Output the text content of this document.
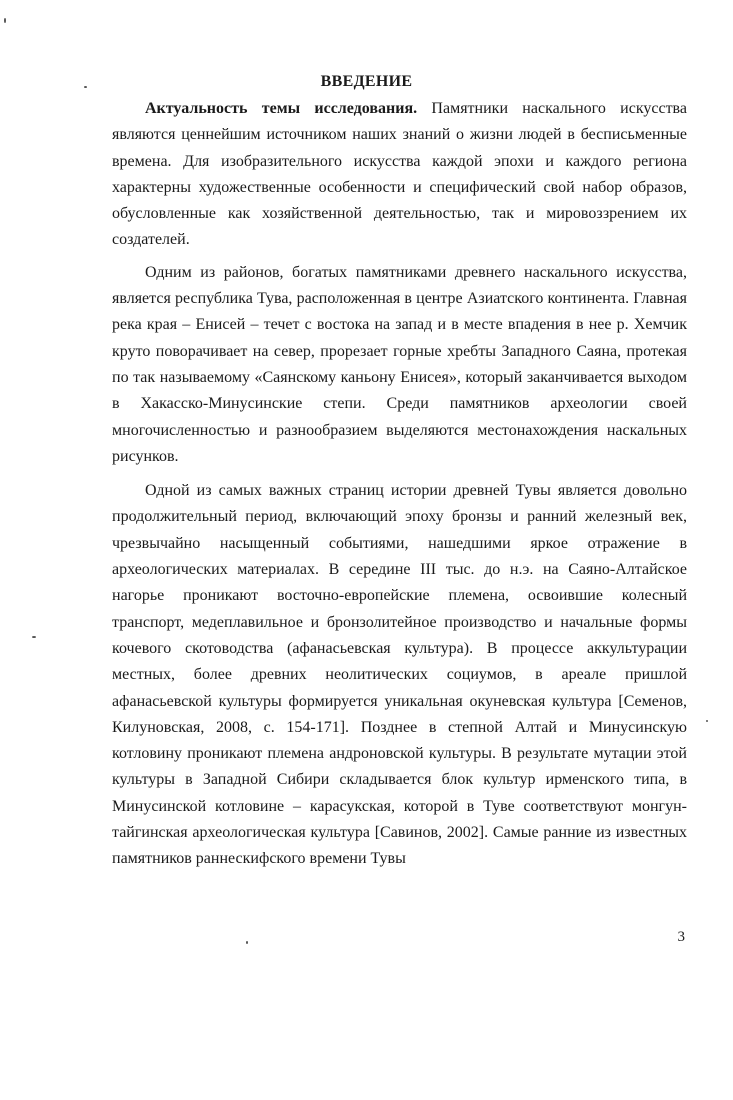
ВВЕДЕНИЕ

Актуальность темы исследования. Памятники наскального искусства являются ценнейшим источником наших знаний о жизни людей в бесписьменные времена. Для изобразительного искусства каждой эпохи и каждого региона характерны художественные особенности и специфический свой набор образов, обусловленные как хозяйственной деятельностью, так и мировоззрением их создателей.

Одним из районов, богатых памятниками древнего наскального искусства, является республика Тува, расположенная в центре Азиатского континента. Главная река края – Енисей – течет с востока на запад и в месте впадения в нее р. Хемчик круто поворачивает на север, прорезает горные хребты Западного Саяна, протекая по так называемому «Саянскому каньону Енисея», который заканчивается выходом в Хакасско-Минусинские степи. Среди памятников археологии своей многочисленностью и разнообразием выделяются местонахождения наскальных рисунков.

Одной из самых важных страниц истории древней Тувы является довольно продолжительный период, включающий эпоху бронзы и ранний железный век, чрезвычайно насыщенный событиями, нашедшими яркое отражение в археологических материалах. В середине III тыс. до н.э. на Саяно-Алтайское нагорье проникают восточно-европейские племена, освоившие колесный транспорт, медеплавильное и бронзолитейное производство и начальные формы кочевого скотоводства (афанасьевская культура). В процессе аккультурации местных, более древних неолитических социумов, в ареале пришлой афанасьевской культуры формируется уникальная окуневская культура [Семенов, Килуновская, 2008, с. 154-171]. Позднее в степной Алтай и Минусинскую котловину проникают племена андроновской культуры. В результате мутации этой культуры в Западной Сибири складывается блок культур ирменского типа, в Минусинской котловине – карасукская, которой в Туве соответствуют монгун-тайгинская археологическая культура [Савинов, 2002]. Самые ранние из известных памятников раннескифского времени Тувы

3
